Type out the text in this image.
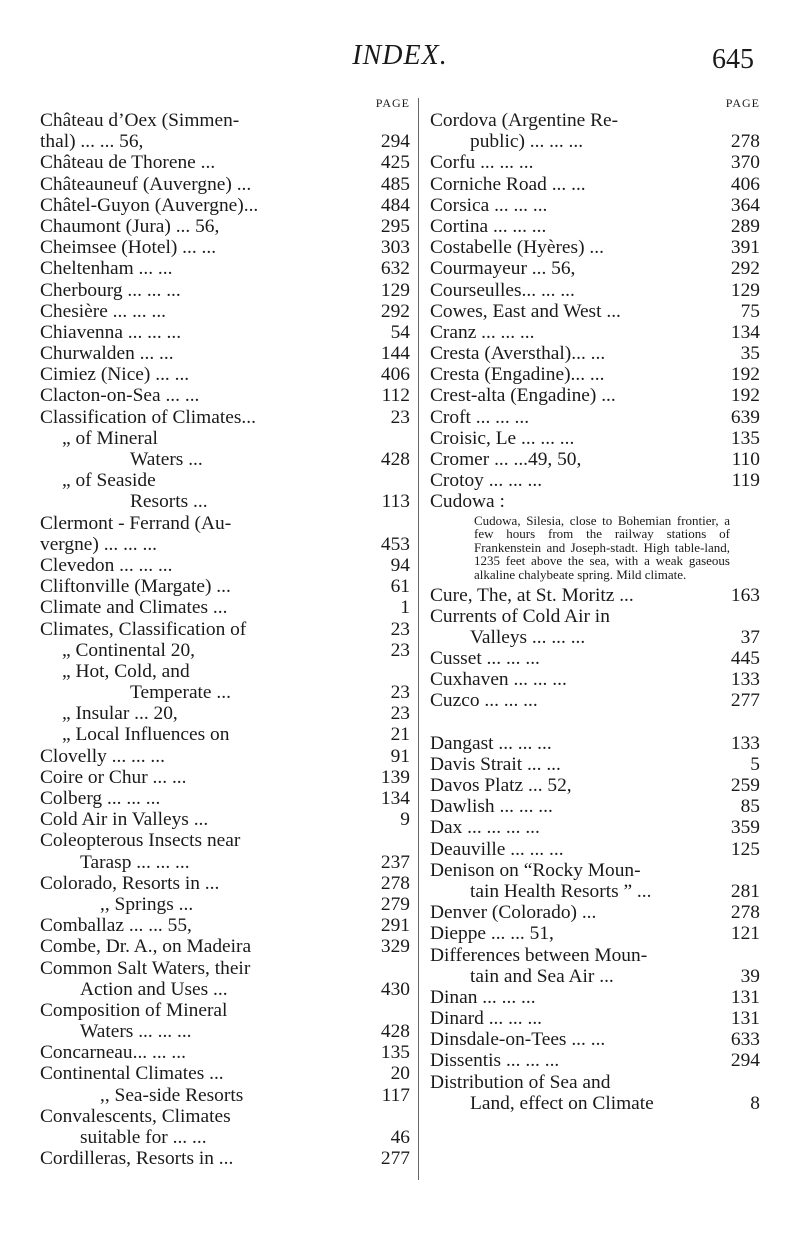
INDEX.	645
PAGE
Château d’Oex (Simmen-
thal) ... ... 56,	294
Château de Thorene ...	425
Châteauneuf (Auvergne) ...	485
Châtel-Guyon (Auvergne)...	484
Chaumont (Jura) ... 56,	295
Cheimsee (Hotel) ... ...	303
Cheltenham ... ...	632
Cherbourg ... ... ...	129
Chesière ... ... ...	292
Chiavenna ... ... ...	54
Churwalden ... ...	144
Cimiez (Nice) ... ...	406
Clacton-on-Sea ... ...	112
Classification of Climates...	23
„ of Mineral
Waters ...	428
„ of Seaside
Resorts ...	113
Clermont - Ferrand (Au-
vergne) ... ... ...	453
Clevedon ... ... ...	94
Cliftonville (Margate) ...	61
Climate and Climates ...	1
Climates, Classification of	23
„ Continental 20,	23
„ Hot, Cold, and
Temperate ...	23
„ Insular ... 20,	23
„ Local Influences on	21
Clovelly ... ... ...	91
Coire or Chur ... ...	139
Colberg ... ... ...	134
Cold Air in Valleys ...	9
Coleopterous Insects near
Tarasp ... ... ...	237
Colorado, Resorts in ...	278
,, Springs ...	279
Comballaz ... ... 55,	291
Combe, Dr. A., on Madeira	329
Common Salt Waters, their
Action and Uses ...	430
Composition of Mineral
Waters ... ... ...	428
Concarneau... ... ...	135
Continental Climates ...	20
,, Sea-side Resorts	117
Convalescents, Climates
suitable for ... ...	46
Cordilleras, Resorts in ...	277
PAGE
Cordova (Argentine Re-
public) ... ... ...	278
Corfu ... ... ...	370
Corniche Road ... ...	406
Corsica ... ... ...	364
Cortina ... ... ...	289
Costabelle (Hyères) ...	391
Courmayeur ... 56,	292
Courseulles... ... ...	129
Cowes, East and West ...	75
Cranz ... ... ...	134
Cresta (Aversthal)... ...	35
Cresta (Engadine)... ...	192
Crest-alta (Engadine) ...	192
Croft ... ... ...	639
Croisic, Le ... ... ...	135
Cromer ... ...49, 50,	110
Crotoy ... ... ...	119
Cudowa :
Cudowa, Silesia, close to Bohemian frontier, a few hours from the railway stations of Frankenstein and Joseph-stadt. High table-land, 1235 feet above the sea, with a weak gaseous alkaline chalybeate spring. Mild climate.
Cure, The, at St. Moritz ...	163
Currents of Cold Air in
Valleys ... ... ...	37
Cusset ... ... ...	445
Cuxhaven ... ... ...	133
Cuzco ... ... ...	277
Dangast ... ... ...	133
Davis Strait ... ...	5
Davos Platz ... 52,	259
Dawlish ... ... ...	85
Dax ... ... ... ...	359
Deauville ... ... ...	125
Denison on “Rocky Moun-
tain Health Resorts ” ...	281
Denver (Colorado) ...	278
Dieppe ... ... 51,	121
Differences between Moun-
tain and Sea Air ...	39
Dinan ... ... ...	131
Dinard ... ... ...	131
Dinsdale-on-Tees ... ...	633
Dissentis ... ... ...	294
Distribution of Sea and
Land, effect on Climate	8
